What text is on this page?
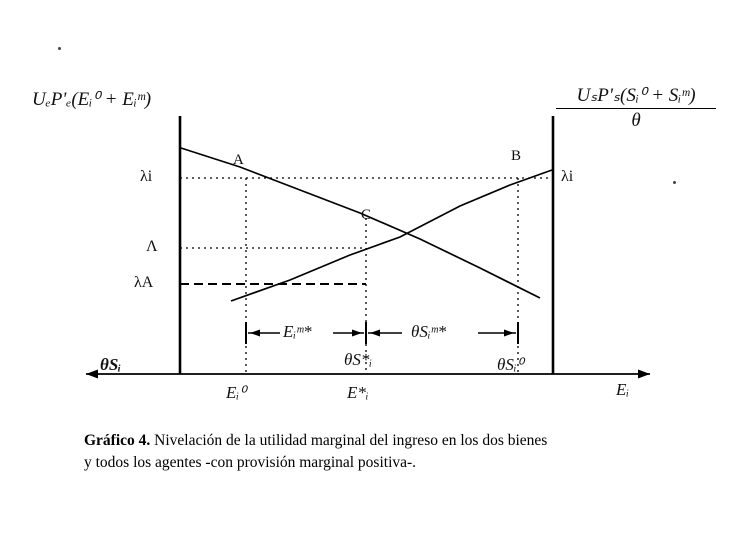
UₑP'ₑ(Eᵢ⁰ + Eᵢᵐ)	UₛP'ₛ(Sᵢ⁰ + Sᵢᵐ)
θ
λi
Λ
λA
λi
A	B
C
θSᵢ
Eᵢ
Eᵢ⁰	E*ᵢ
θSᵢ⁰
Eᵢᵐ*
θS*ᵢ
θSᵢᵐ*
Gráfico 4. Nivelación de la utilidad marginal del ingreso en los dos bienes
y todos los agentes -con provisión marginal positiva-.
